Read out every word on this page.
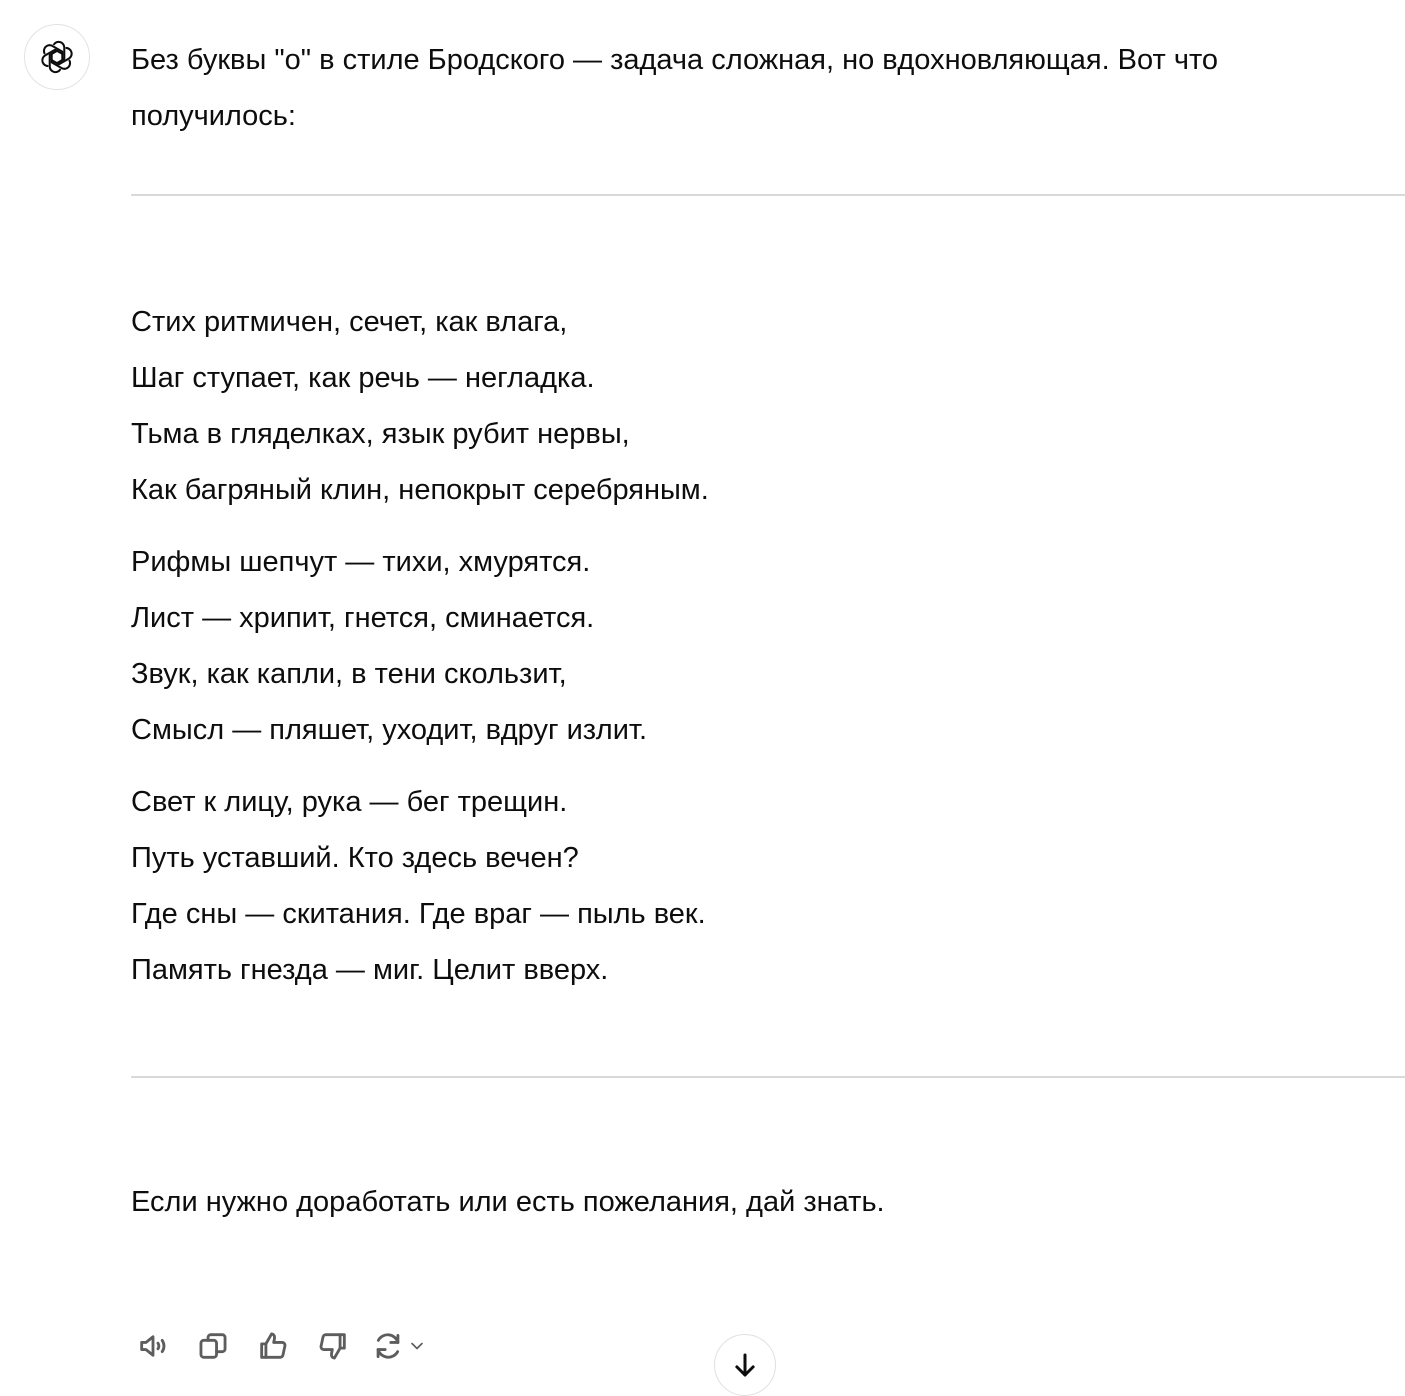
Без буквы "о" в стиле Бродского — задача сложная, но вдохновляющая. Вот что получилось:

Стих ритмичен, сечет, как влага,
Шаг ступает, как речь — негладка.
Тьма в гляделках, язык рубит нервы,
Как багряный клин, непокрыт серебряным.
Рифмы шепчут — тихи, хмурятся.
Лист — хрипит, гнется, сминается.
Звук, как капли, в тени скользит,
Смысл — пляшет, уходит, вдруг излит.
Свет к лицу, рука — бег трещин.
Путь уставший. Кто здесь вечен?
Где сны — скитания. Где враг — пыль век.
Память гнезда — миг. Целит вверх.

Если нужно доработать или есть пожелания, дай знать.
